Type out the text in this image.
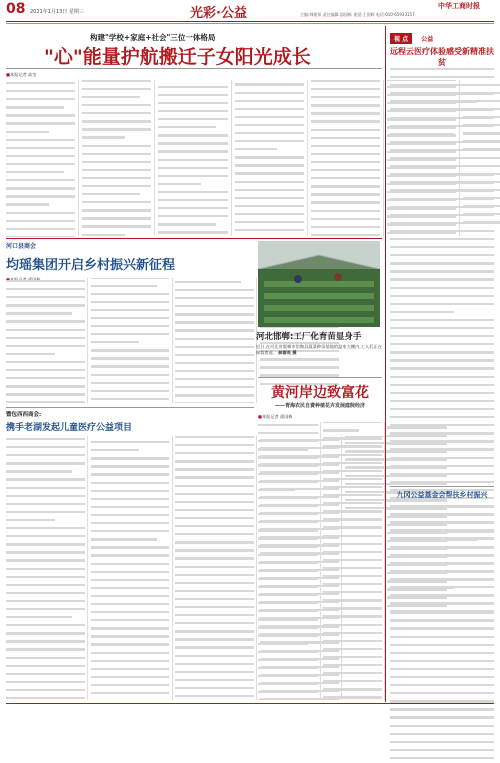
08 2021年1月13日 星期三	光彩·公益	中华工商时报
主编:韩建荣 责任编辑:邵国栋 视觉:王国辉 电话:010-65933157
构建"学校+家庭+社会"三位一体格局
"心"能量护航搬迁子女阳光成长
■本报记者 高莹
河口县商会
均瑶集团开启乡村振兴新征程
■本报记者 邵国栋
暨包西西商会:
携手老湖发起儿童医疗公益项目
河北邯郸:工厂化育苗显身手
近日,在河北省邯郸市馆陶县蔬菜种苗基地的温室大棚内,工人们正在移栽育苗。 郝群英 摄
黄河岸边致富花
——青海农民自费种植花卉发展庭院经济
■本报记者 邵国栋
视 点 公益
远程云医疗体验感受新精准扶贫
九冈公益基金会帮扶乡村振兴
